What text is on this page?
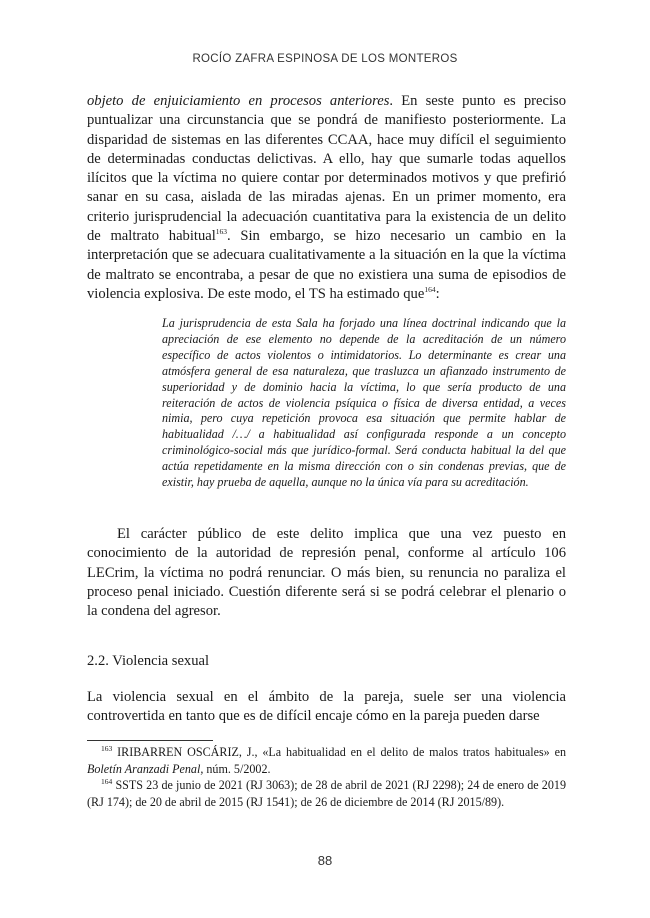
ROCÍO ZAFRA ESPINOSA DE LOS MONTEROS

objeto de enjuiciamiento en procesos anteriores. En seste punto es preciso puntualizar una circunstancia que se pondrá de manifiesto posteriormente. La disparidad de sistemas en las diferentes CCAA, hace muy difícil el seguimiento de determinadas conductas delictivas. A ello, hay que sumarle todas aquellos ilícitos que la víctima no quiere contar por determinados motivos y que prefirió sanar en su casa, aislada de las miradas ajenas. En un primer momento, era criterio jurisprudencial la adecuación cuantitativa para la existencia de un delito de maltrato habitual$^{163}$. Sin embargo, se hizo necesario un cambio en la interpretación que se adecuara cualitativamente a la situación en la que la víctima de maltrato se encontraba, a pesar de que no existiera una suma de episodios de violencia explosiva. De este modo, el TS ha estimado que$^{164}$:

La jurisprudencia de esta Sala ha forjado una línea doctrinal indicando que la apreciación de ese elemento no depende de la acreditación de un número específico de actos violentos o intimidatorios. Lo determinante es crear una atmósfera general de esa naturaleza, que trasluzca un afianzado instrumento de superioridad y de dominio hacia la víctima, lo que sería producto de una reiteración de actos de violencia psíquica o física de diversa entidad, a veces nimia, pero cuya repetición provoca esa situación que permite hablar de habitualidad /…/ a habitualidad así configurada responde a un concepto criminológico-social más que jurídico-formal. Será conducta habitual la del que actúa repetidamente en la misma dirección con o sin condenas previas, que de existir, hay prueba de aquella, aunque no la única vía para su acreditación.

El carácter público de este delito implica que una vez puesto en conocimiento de la autoridad de represión penal, conforme al artículo 106 LECrim, la víctima no podrá renunciar. O más bien, su renuncia no paraliza el proceso penal iniciado. Cuestión diferente será si se podrá celebrar el plenario o la condena del agresor.

2.2. Violencia sexual

La violencia sexual en el ámbito de la pareja, suele ser una violencia controvertida en tanto que es de difícil encaje cómo en la pareja pueden darse

$^{163}$ IRIBARREN OSCÁRIZ, J., «La habitualidad en el delito de malos tratos habituales» en Boletín Aranzadi Penal, núm. 5/2002.

$^{164}$ SSTS 23 de junio de 2021 (RJ 3063); de 28 de abril de 2021 (RJ 2298); 24 de enero de 2019 (RJ 174); de 20 de abril de 2015 (RJ 1541); de 26 de diciembre de 2014 (RJ 2015/89).

88
